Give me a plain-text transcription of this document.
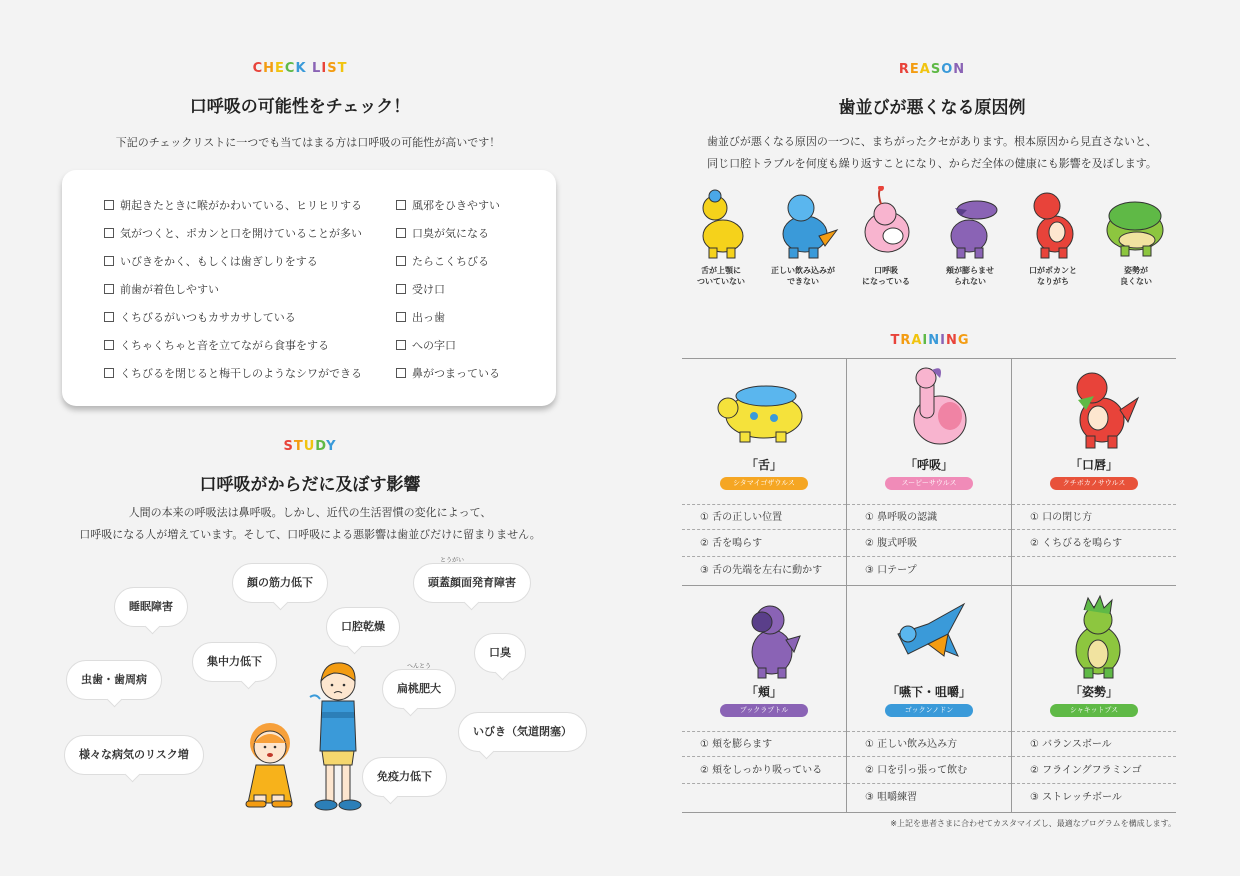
CHECK LIST
口呼吸の可能性をチェック！
下記のチェックリストに一つでも当てはまる方は口呼吸の可能性が高いです！
朝起きたときに喉がかわいている、ヒリヒリする
気がつくと、ポカンと口を開けていることが多い
いびきをかく、もしくは歯ぎしりをする
前歯が着色しやすい
くちびるがいつもカサカサしている
くちゃくちゃと音を立てながら食事をする
くちびるを閉じると梅干しのようなシワができる
風邪をひきやすい
口臭が気になる
たらこくちびる
受け口
出っ歯
への字口
鼻がつまっている
STUDY
口呼吸がからだに及ぼす影響
人間の本来の呼吸法は鼻呼吸。しかし、近代の生活習慣の変化によって、
口呼吸になる人が増えています。そして、口呼吸による悪影響は歯並びだけに留まりません。
睡眠障害
顔の筋力低下
とうがい
頭蓋顔面発育障害
口腔乾燥
集中力低下
口臭
虫歯・歯周病
へんとう
扁桃肥大
いびき（気道閉塞）
様々な病気のリスク増
免疫力低下
REASON
歯並びが悪くなる原因例
歯並びが悪くなる原因の一つに、まちがったクセがあります。根本原因から見直さないと、
同じ口腔トラブルを何度も繰り返すことになり、からだ全体の健康にも影響を及ぼします。
舌が上顎に
ついていない
正しい飲み込みが
できない
口呼吸
になっている
頬が膨らませ
られない
口がポカンと
なりがち
姿勢が
良くない
TRAINING
「舌」
シタマイゴザウルス
① 舌の正しい位置
② 舌を鳴らす
③ 舌の先端を左右に動かす
「呼吸」
スーピーサウルス
① 鼻呼吸の認識
② 腹式呼吸
③ 口テープ
「口唇」
クチボカノサウルス
① 口の閉じ方
② くちびるを鳴らす
「頬」
ブックラプトル
① 頬を膨らます
② 頬をしっかり吸っている
「嚥下・咀嚼」
ゴックンノドン
① 正しい飲み込み方
② 口を引っ張って飲む
③ 咀嚼練習
「姿勢」
シャキットプス
① バランスボール
② フライングフラミンゴ
③ ストレッチボール
※上記を患者さまに合わせてカスタマイズし、最適なプログラムを構成します。
